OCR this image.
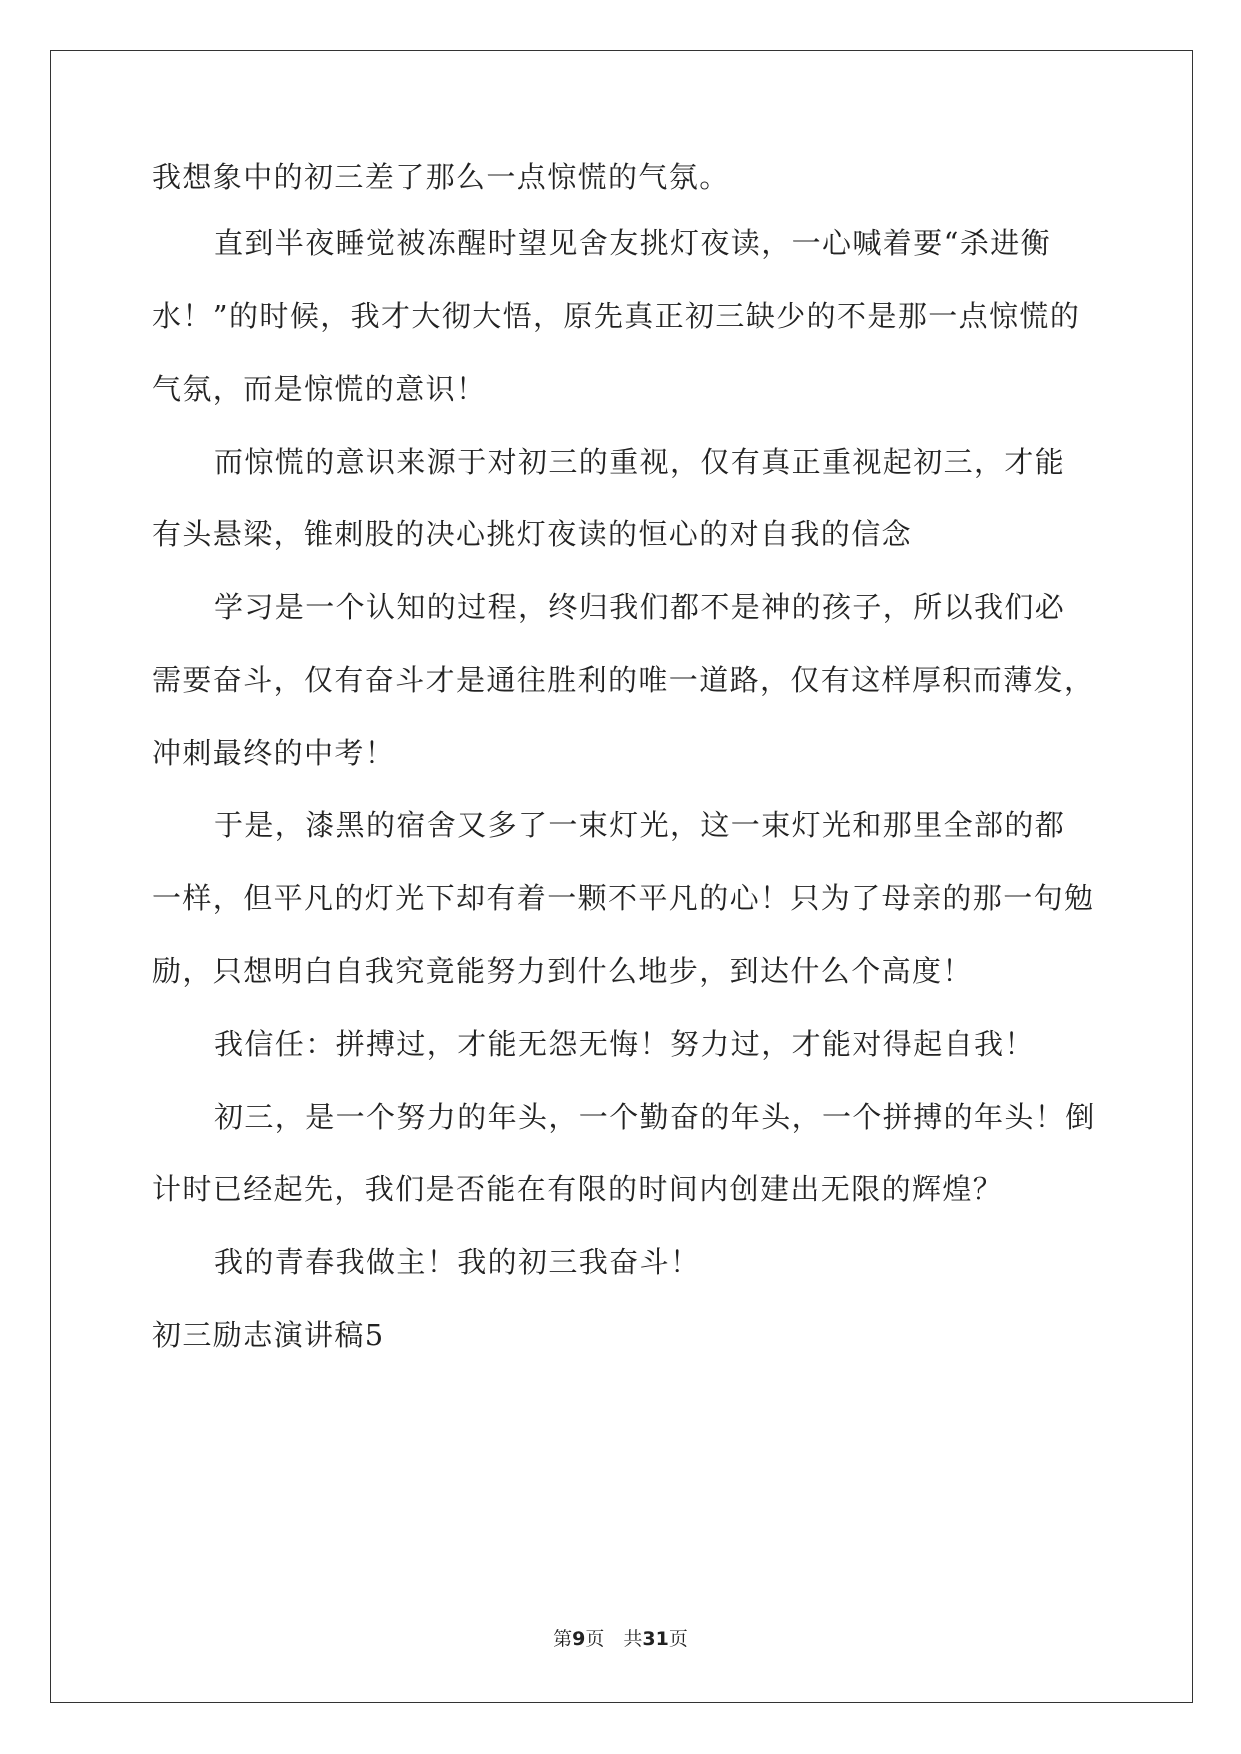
我想象中的初三差了那么一点惊慌的气氛。
直到半夜睡觉被冻醒时望见舍友挑灯夜读，一心喊着要“杀进衡
水！”的时候，我才大彻大悟，原先真正初三缺少的不是那一点惊慌的
气氛，而是惊慌的意识！
而惊慌的意识来源于对初三的重视，仅有真正重视起初三，才能
有头悬梁，锥刺股的决心挑灯夜读的恒心的对自我的信念
学习是一个认知的过程，终归我们都不是神的孩子，所以我们必
需要奋斗，仅有奋斗才是通往胜利的唯一道路，仅有这样厚积而薄发，
冲刺最终的中考！
于是，漆黑的宿舍又多了一束灯光，这一束灯光和那里全部的都
一样，但平凡的灯光下却有着一颗不平凡的心！只为了母亲的那一句勉
励，只想明白自我究竟能努力到什么地步，到达什么个高度！
我信任：拼搏过，才能无怨无悔！努力过，才能对得起自我！
初三，是一个努力的年头，一个勤奋的年头，一个拼搏的年头！倒
计时已经起先，我们是否能在有限的时间内创建出无限的辉煌？
我的青春我做主！我的初三我奋斗！
初三励志演讲稿5
第9页　共31页
